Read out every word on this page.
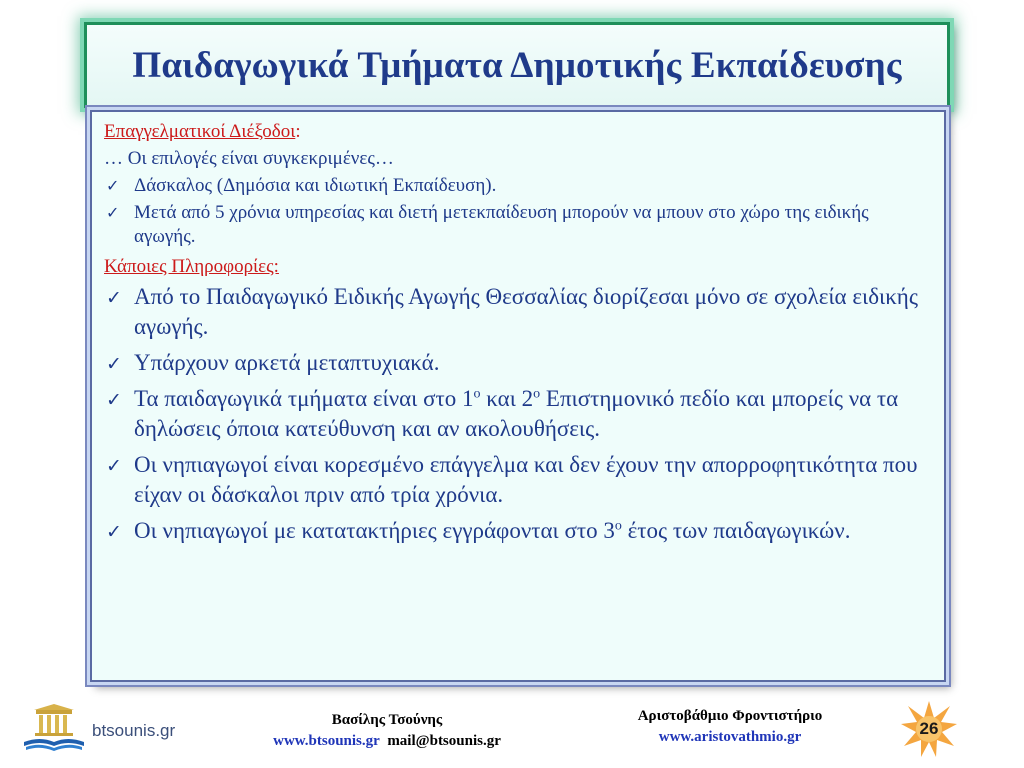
Παιδαγωγικά Τμήματα Δημοτικής Εκπαίδευσης
Επαγγελματικοί Διέξοδοι:
… Οι επιλογές είναι συγκεκριμένες…
✓ Δάσκαλος (Δημόσια και ιδιωτική Εκπαίδευση).
✓ Μετά από 5 χρόνια υπηρεσίας και διετή μετεκπαίδευση μπορούν να μπουν στο χώρο της ειδικής αγωγής.
Κάποιες Πληροφορίες:
✓ Από το Παιδαγωγικό Ειδικής Αγωγής Θεσσαλίας διορίζεσαι μόνο σε σχολεία ειδικής αγωγής.
✓ Υπάρχουν αρκετά μεταπτυχιακά.
✓ Τα παιδαγωγικά τμήματα είναι στο $1^o$ και $2^o$ Επιστημονικό πεδίο και μπορείς να τα δηλώσεις όποια κατεύθυνση και αν ακολουθήσεις.
✓ Οι νηπιαγωγοί είναι κορεσμένο επάγγελμα και δεν έχουν την απορροφητικότητα που είχαν οι δάσκαλοι πριν από τρία χρόνια.
✓ Οι νηπιαγωγοί με κατατακτήριες εγγράφονται στο $3^o$ έτος των παιδαγωγικών.
btsounis.gr
Βασίλης Τσούνης
www.btsounis.gr mail@btsounis.gr
Αριστοβάθμιο Φροντιστήριο
www.aristovathmio.gr	26
